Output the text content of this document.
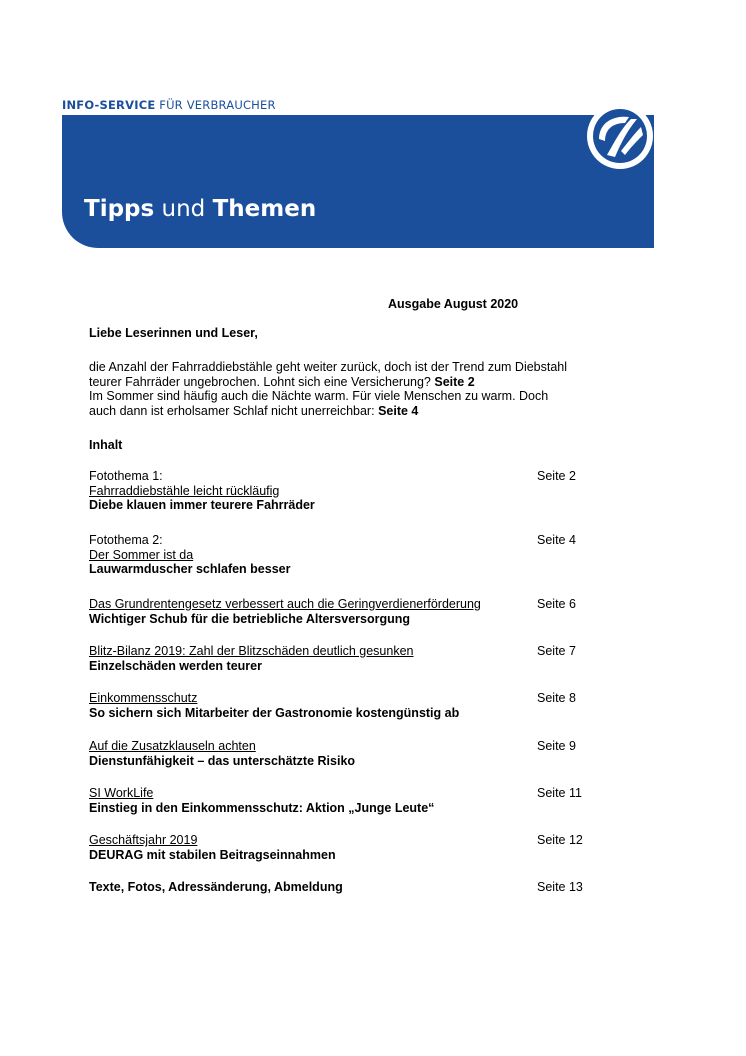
INFO-SERVICE FÜR VERBRAUCHER
Tipps und Themen
Ausgabe August 2020
Liebe Leserinnen und Leser,

die Anzahl der Fahrraddiebstähle geht weiter zurück, doch ist der Trend zum Diebstahl

teurer Fahrräder ungebrochen. Lohnt sich eine Versicherung? Seite 2

Im Sommer sind häufig auch die Nächte warm. Für viele Menschen zu warm. Doch

auch dann ist erholsamer Schlaf nicht unerreichbar: Seite 4

Inhalt
Fotothema 1:
Fahrraddiebstähle leicht rückläufig
Diebe klauen immer teurere Fahrräder
Seite 2
Fotothema 2:
Der Sommer ist da
Lauwarmduscher schlafen besser
Seite 4
Das Grundrentengesetz verbessert auch die Geringverdienerförderung
Wichtiger Schub für die betriebliche Altersversorgung
Seite 6
Blitz-Bilanz 2019: Zahl der Blitzschäden deutlich gesunken
Einzelschäden werden teurer
Seite 7
Einkommensschutz
So sichern sich Mitarbeiter der Gastronomie kostengünstig ab
Seite 8
Auf die Zusatzklauseln achten
Dienstunfähigkeit – das unterschätzte Risiko
Seite 9
SI WorkLife
Einstieg in den Einkommensschutz: Aktion „Junge Leute“
Seite 11
Geschäftsjahr 2019
DEURAG mit stabilen Beitragseinnahmen
Seite 12
Texte, Fotos, Adressänderung, Abmeldung	Seite 13
